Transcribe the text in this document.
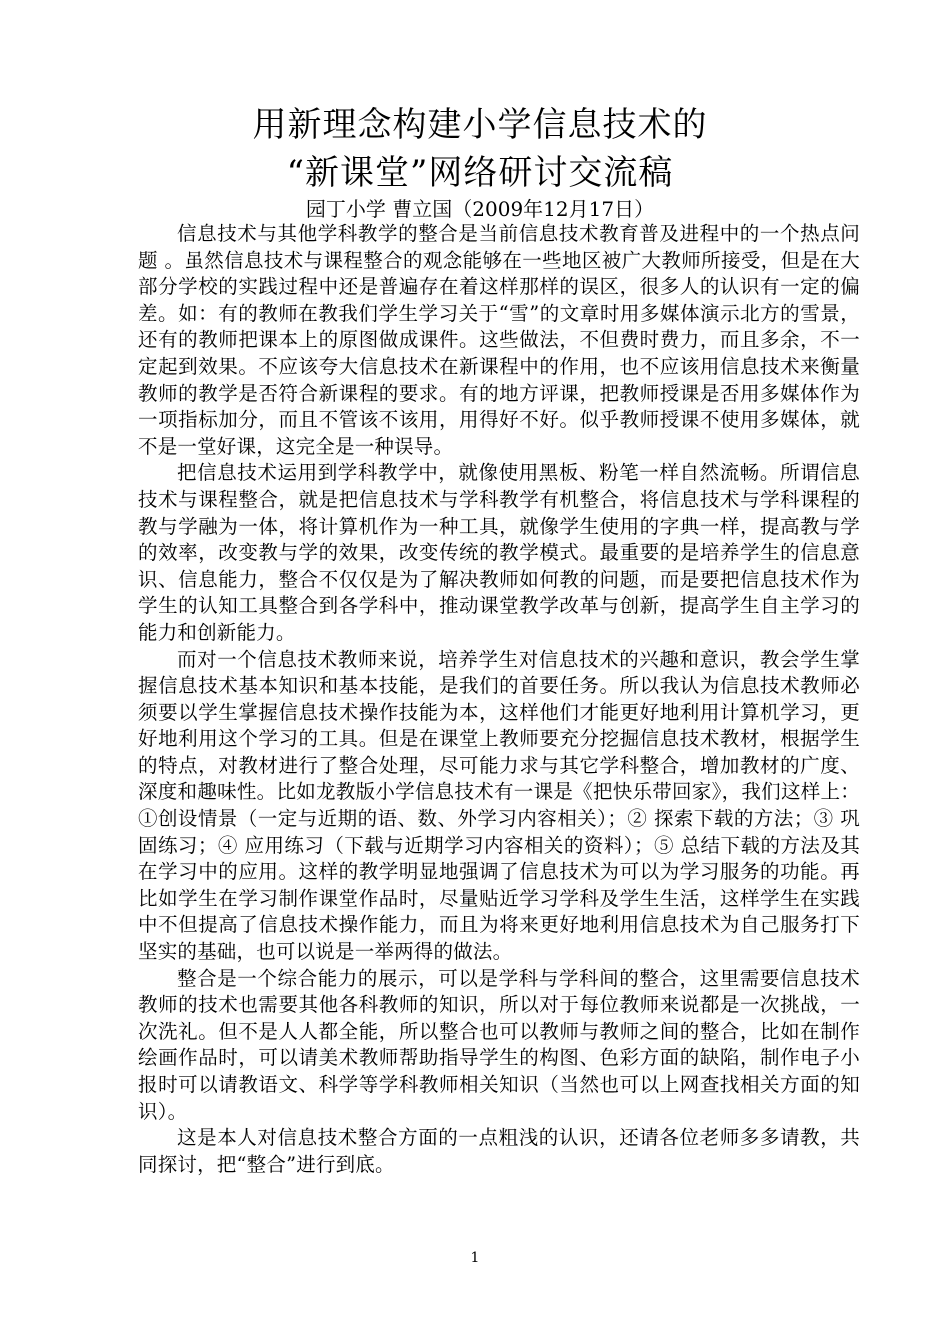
用新理念构建小学信息技术的
“新课堂”网络研讨交流稿
园丁小学 曹立国（2009年12月17日）

信息技术与其他学科教学的整合是当前信息技术教育普及进程中的一个热点问题 。虽然信息技术与课程整合的观念能够在一些地区被广大教师所接受，但是在大部分学校的实践过程中还是普遍存在着这样那样的误区，很多人的认识有一定的偏差。如：有的教师在教我们学生学习关于“雪”的文章时用多媒体演示北方的雪景，还有的教师把课本上的原图做成课件。这些做法，不但费时费力，而且多余，不一定起到效果。不应该夸大信息技术在新课程中的作用，也不应该用信息技术来衡量教师的教学是否符合新课程的要求。有的地方评课，把教师授课是否用多媒体作为一项指标加分，而且不管该不该用，用得好不好。似乎教师授课不使用多媒体，就不是一堂好课，这完全是一种误导。

把信息技术运用到学科教学中，就像使用黑板、粉笔一样自然流畅。所谓信息技术与课程整合，就是把信息技术与学科教学有机整合，将信息技术与学科课程的教与学融为一体，将计算机作为一种工具，就像学生使用的字典一样，提高教与学的效率，改变教与学的效果，改变传统的教学模式。最重要的是培养学生的信息意识、信息能力，整合不仅仅是为了解决教师如何教的问题，而是要把信息技术作为学生的认知工具整合到各学科中，推动课堂教学改革与创新，提高学生自主学习的能力和创新能力。

而对一个信息技术教师来说，培养学生对信息技术的兴趣和意识，教会学生掌握信息技术基本知识和基本技能，是我们的首要任务。所以我认为信息技术教师必须要以学生掌握信息技术操作技能为本，这样他们才能更好地利用计算机学习，更好地利用这个学习的工具。但是在课堂上教师要充分挖掘信息技术教材，根据学生的特点，对教材进行了整合处理，尽可能力求与其它学科整合，增加教材的广度、深度和趣味性。比如龙教版小学信息技术有一课是《把快乐带回家》，我们这样上：①创设情景（一定与近期的语、数、外学习内容相关）；② 探索下载的方法；③ 巩固练习；④ 应用练习（下载与近期学习内容相关的资料）；⑤ 总结下载的方法及其在学习中的应用。这样的教学明显地强调了信息技术为可以为学习服务的功能。再比如学生在学习制作课堂作品时，尽量贴近学习学科及学生生活，这样学生在实践中不但提高了信息技术操作能力，而且为将来更好地利用信息技术为自己服务打下坚实的基础，也可以说是一举两得的做法。

整合是一个综合能力的展示，可以是学科与学科间的整合，这里需要信息技术教师的技术也需要其他各科教师的知识，所以对于每位教师来说都是一次挑战，一次洗礼。但不是人人都全能，所以整合也可以教师与教师之间的整合，比如在制作绘画作品时，可以请美术教师帮助指导学生的构图、色彩方面的缺陷，制作电子小报时可以请教语文、科学等学科教师相关知识（当然也可以上网查找相关方面的知识）。

这是本人对信息技术整合方面的一点粗浅的认识，还请各位老师多多请教，共同探讨，把“整合”进行到底。

1
